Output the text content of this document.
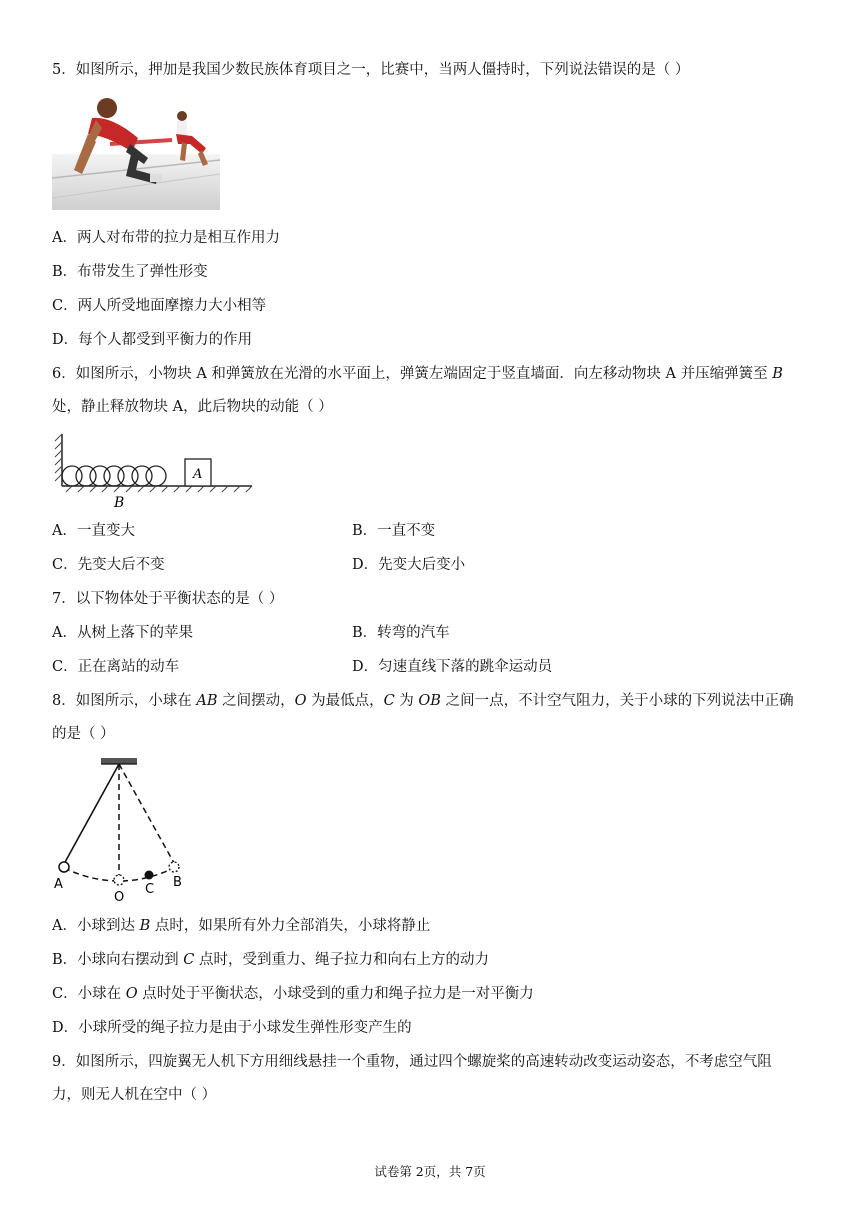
5．如图所示，押加是我国少数民族体育项目之一，比赛中，当两人僵持时，下列说法错误的是（ ）
A．两人对布带的拉力是相互作用力
B．布带发生了弹性形变
C．两人所受地面摩擦力大小相等
D．每个人都受到平衡力的作用
6．如图所示，小物块 A 和弹簧放在光滑的水平面上，弹簧左端固定于竖直墙面．向左移动物块 A 并压缩弹簧至 B
处，静止释放物块 A，此后物块的动能（ ）
A
B
A．一直变大	B．一直不变
C．先变大后不变	D．先变大后变小
7．以下物体处于平衡状态的是（ ）
A．从树上落下的苹果	B．转弯的汽车
C．正在离站的动车	D．匀速直线下落的跳伞运动员
8．如图所示，小球在 AB 之间摆动，O 为最低点，C 为 OB 之间一点，不计空气阻力，关于小球的下列说法中正确
的是（ ）
A
O
C B
A．小球到达 B 点时，如果所有外力全部消失，小球将静止
B．小球向右摆动到 C 点时，受到重力、绳子拉力和向右上方的动力
C．小球在 O 点时处于平衡状态，小球受到的重力和绳子拉力是一对平衡力
D．小球所受的绳子拉力是由于小球发生弹性形变产生的
9．如图所示，四旋翼无人机下方用细线悬挂一个重物，通过四个螺旋桨的高速转动改变运动姿态，不考虑空气阻
力，则无人机在空中（ ）
试卷第 2页，共 7页
